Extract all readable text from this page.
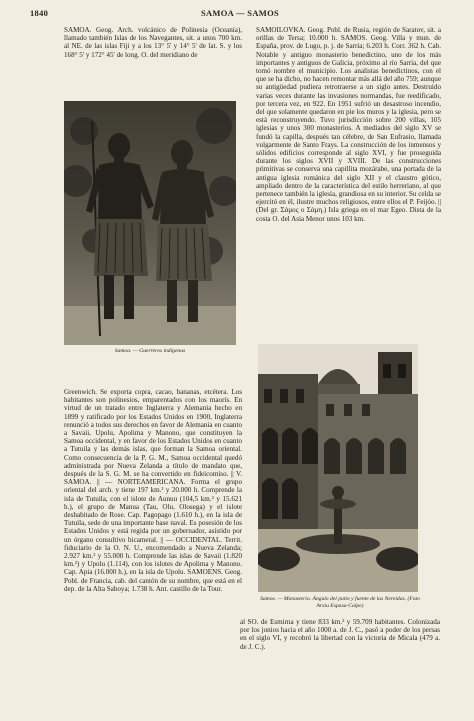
SAMOA — SAMOS
1840
SAMOA. Geog. Arch. volcánico de Polinesia (Oceanía), llamado también Islas de los Navegantes, sit. a unos 700 km. al NE. de las islas Fiji y a los 13° 5' y 14° 5' de lat. S. y los 168° 5' y 172° 45' de long. O. del meridiano de
Samoa. — Guerreros indígenas
Greenwich. Se exporta copra, cacao, bananas, etcétera. Los habitantes son polinesios, emparentados con los maorís. En virtud de un tratado entre Inglaterra y Alemania hecho en 1899 y ratificado por los Estados Unidos en 1900, Inglaterra renunció a todos sus derechos en favor de Alemania en cuanto a Savaii, Upolu, Apolima y Manono, que constituyen la Samoa occidental, y en favor de los Estados Unidos en cuanto a Tutuila y las demás islas, que forman la Samoa oriental. Como consecuencia de la P. G. M., Samoa occidental quedó administrada por Nueva Zelanda a título de mandato que, después de la S. G. M. se ha convertido en fideicomiso. || V. SAMOA. || — NORTEAMERICANA. Forma el grupo oriental del arch. y tiene 197 km.² y 20.000 h. Comprende la isla de Tutuila, con el islote de Aunuu (104,5 km.² y 15.621 h.), el grupo de Manua (Tau, Olu, Olosega) y el islote deshabitado de Rose. Cap. Pagopago (1.610 h.), en la isla de Tutuila, sede de una importante base naval. Es posesión de los Estados Unidos y está regida por un gobernador, asistido por un órgano consultivo bicameral. || — OCCIDENTAL. Territ. fiduciario de la O. N. U., encomendado a Nueva Zelanda; 2.927 km.² y 55.000 h. Comprende las islas de Savaii (1.820 km.²) y Upolu (1.114), con los islotes de Apolima y Manono. Cap. Apia (16.000 h.), en la isla de Upolu. SAMOENS. Geog. Pobl. de Francia, cab. del cantón de su nombre, que está en el dep. de la Alta Saboya; 1.738 h. Ant. castillo de la Tour.
SAMOILOVKA. Geog. Pobl. de Rusia, región de Saratov, sit. a orillas de Tersa; 10.000 h. SAMOS. Geog. Villa y mun. de España, prov. de Lugo, p. j. de Sarria; 6.203 h. Corr. 362 h. Cab. Notable y antiguo monasterio benedictino, uno de los más importantes y antiguos de Galicia, próximo al río Sarria, del que tomó nombre el municipio. Los analistas benedictinos, con el que se ha dicho, no hacen remontar más allá del año 759; aunque su antigüedad pudiera retrotraerse a un siglo antes. Destruido varias veces durante las invasiones normandas, fue reedificado, por tercera vez, en 922. En 1951 sufrió un desastroso incendio, del que solamente quedaron en pie los muros y la iglesia, pero se está reconstruyendo. Tuvo jurisdicción sobre 200 villas, 105 iglesias y unos 300 monasterios. A mediados del siglo XV se fundó la capilla, después tan célebre, de San Eufrasio, llamada vulgarmente de Santo Frays. La construcción de los inmensos y sólidos edificios corresponde al siglo XVI, y fue proseguida durante los siglos XVII y XVIII. De las construcciones primitivas se conserva una capillita mozárabe, una portada de la antigua iglesia románica del siglo XII y el claustro gótico, ampliado dentro de la característica del estilo herreriano, al que pertenece también la iglesia, grandiosa en su interior. Su celda se ejercitó en él, ilustre muchos religiosos, entre ellos el P. Feijóo. || (Del gr. Σάμος o Σάμη.) Isla griega en el mar Egeo. Dista de la costa O. del Asia Menor unos 103 km.
Samos. — Monasterio. Ángulo del patio y fuente de las Nereidas. (Foto Arxiu Espasa-Calpe)
al SO. de Esmirna y tiene 833 km.² y 59.709 habitantes. Colonizada por los jonios hacia el año 1000 a. de J. C., pasó a poder de los persas en el siglo VI, y recobró la libertad con la victoria de Micala (479 a. de J. C.).
